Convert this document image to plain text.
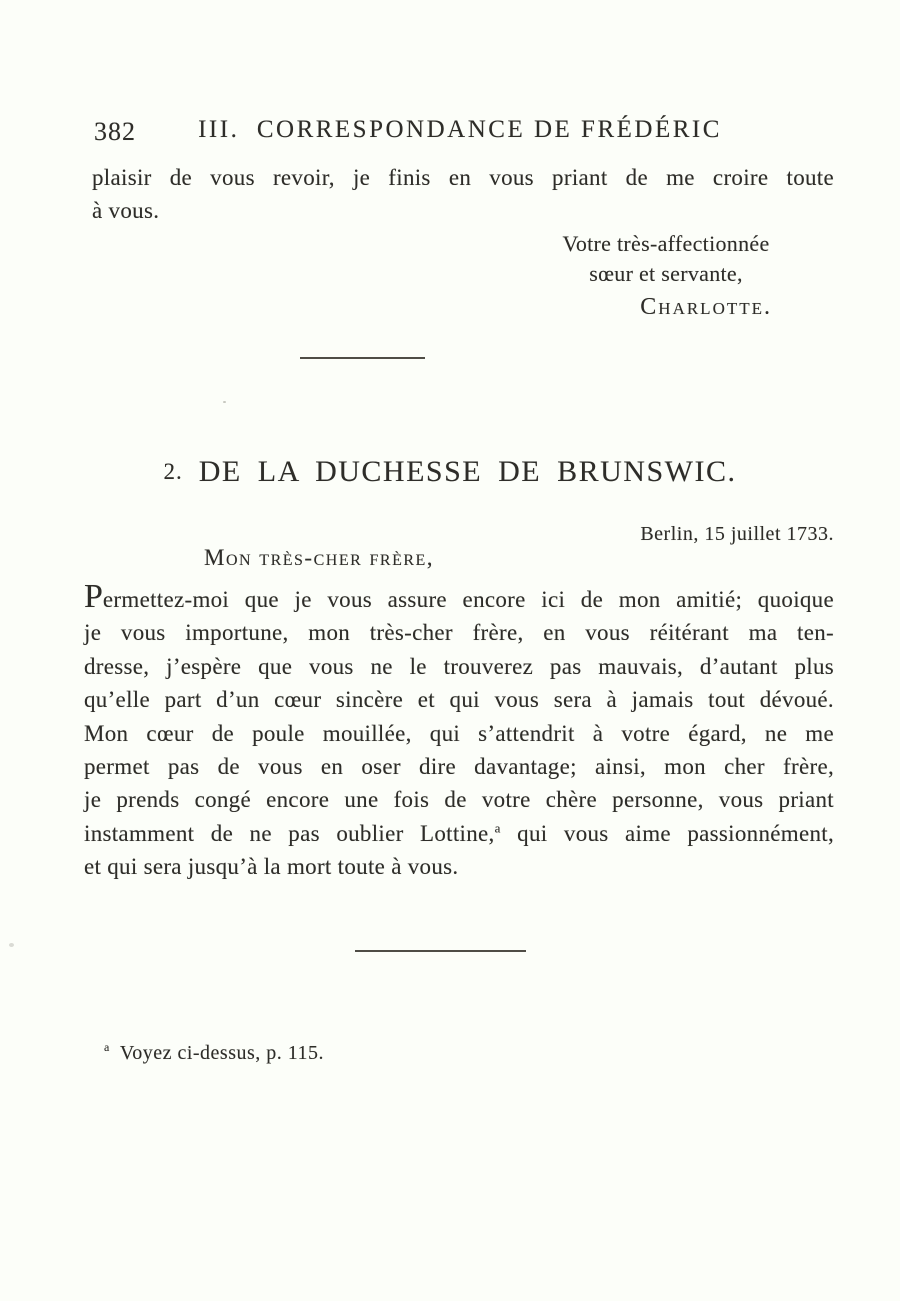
382	III.  CORRESPONDANCE DE FRÉDÉRIC
plaisir de vous revoir, je finis en vous priant de me croire toute
à vous.
Votre très-affectionnée
sœur et servante,
Charlotte.
2. DE LA DUCHESSE DE BRUNSWIC.
Berlin, 15 juillet 1733.
Mon très-cher frère,
Permettez-moi que je vous assure encore ici de mon amitié; quoique
je vous importune, mon très-cher frère, en vous réitérant ma ten-
dresse, j’espère que vous ne le trouverez pas mauvais, d’autant plus
qu’elle part d’un cœur sincère et qui vous sera à jamais tout dévoué.
Mon cœur de poule mouillée, qui s’attendrit à votre égard, ne me
permet pas de vous en oser dire davantage; ainsi, mon cher frère,
je prends congé encore une fois de votre chère personne, vous priant
instamment de ne pas oublier Lottine,$^a$ qui vous aime passionnément,
et qui sera jusqu’à la mort toute à vous.
$^a$ Voyez ci-dessus, p. 115.
